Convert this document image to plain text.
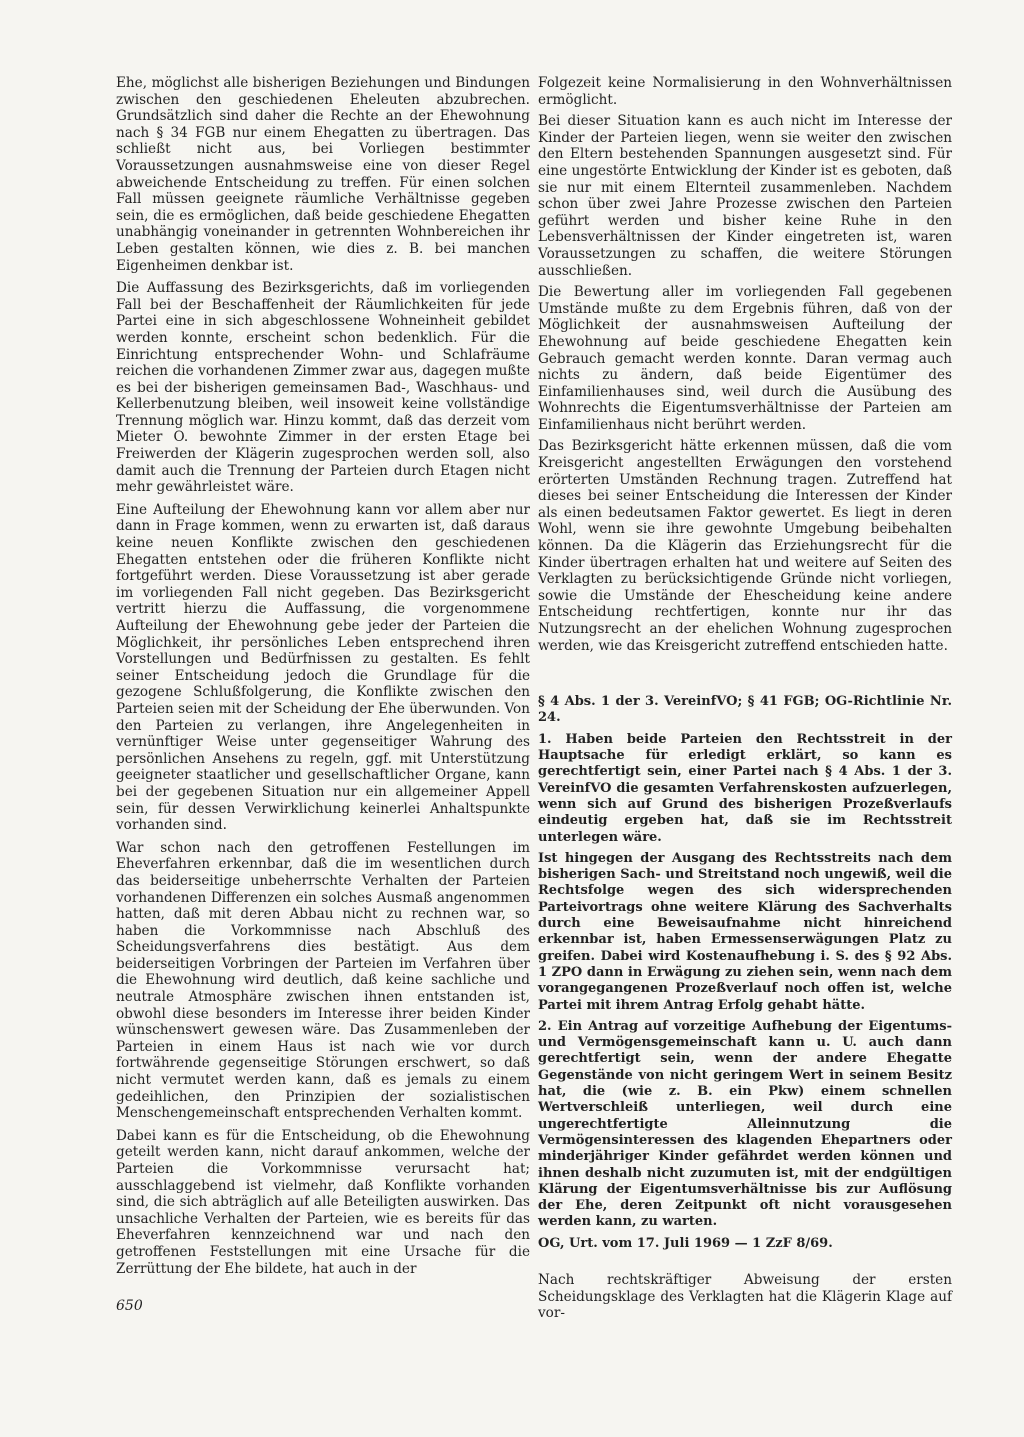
Ehe, möglichst alle bisherigen Beziehungen und Bindungen zwischen den geschiedenen Eheleuten abzubrechen. Grundsätzlich sind daher die Rechte an der Ehewohnung nach § 34 FGB nur einem Ehegatten zu übertragen. Das schließt nicht aus, bei Vorliegen bestimmter Voraussetzungen ausnahmsweise eine von dieser Regel abweichende Entscheidung zu treffen. Für einen solchen Fall müssen geeignete räumliche Verhältnisse gegeben sein, die es ermöglichen, daß beide geschiedene Ehegatten unabhängig voneinander in getrennten Wohnbereichen ihr Leben gestalten können, wie dies z. B. bei manchen Eigenheimen denkbar ist.

Die Auffassung des Bezirksgerichts, daß im vorliegenden Fall bei der Beschaffenheit der Räumlichkeiten für jede Partei eine in sich abgeschlossene Wohneinheit gebildet werden konnte, erscheint schon bedenklich. Für die Einrichtung entsprechender Wohn- und Schlafräume reichen die vorhandenen Zimmer zwar aus, dagegen mußte es bei der bisherigen gemeinsamen Bad-, Waschhaus- und Kellerbenutzung bleiben, weil insoweit keine vollständige Trennung möglich war. Hinzu kommt, daß das derzeit vom Mieter O. bewohnte Zimmer in der ersten Etage bei Freiwerden der Klägerin zugesprochen werden soll, also damit auch die Trennung der Parteien durch Etagen nicht mehr gewährleistet wäre.

Eine Aufteilung der Ehewohnung kann vor allem aber nur dann in Frage kommen, wenn zu erwarten ist, daß daraus keine neuen Konflikte zwischen den geschiedenen Ehegatten entstehen oder die früheren Konflikte nicht fortgeführt werden. Diese Voraussetzung ist aber gerade im vorliegenden Fall nicht gegeben. Das Bezirksgericht vertritt hierzu die Auffassung, die vorgenommene Aufteilung der Ehewohnung gebe jeder der Parteien die Möglichkeit, ihr persönliches Leben entsprechend ihren Vorstellungen und Bedürfnissen zu gestalten. Es fehlt seiner Entscheidung jedoch die Grundlage für die gezogene Schlußfolgerung, die Konflikte zwischen den Parteien seien mit der Scheidung der Ehe überwunden. Von den Parteien zu verlangen, ihre Angelegenheiten in vernünftiger Weise unter gegenseitiger Wahrung des persönlichen Ansehens zu regeln, ggf. mit Unterstützung geeigneter staatlicher und gesellschaftlicher Organe, kann bei der gegebenen Situation nur ein allgemeiner Appell sein, für dessen Verwirklichung keinerlei Anhaltspunkte vorhanden sind.

War schon nach den getroffenen Festellungen im Eheverfahren erkennbar, daß die im wesentlichen durch das beiderseitige unbeherrschte Verhalten der Parteien vorhandenen Differenzen ein solches Ausmaß angenommen hatten, daß mit deren Abbau nicht zu rechnen war, so haben die Vorkommnisse nach Abschluß des Scheidungsverfahrens dies bestätigt. Aus dem beiderseitigen Vorbringen der Parteien im Verfahren über die Ehewohnung wird deutlich, daß keine sachliche und neutrale Atmosphäre zwischen ihnen entstanden ist, obwohl diese besonders im Interesse ihrer beiden Kinder wünschenswert gewesen wäre. Das Zusammenleben der Parteien in einem Haus ist nach wie vor durch fortwährende gegenseitige Störungen erschwert, so daß nicht vermutet werden kann, daß es jemals zu einem gedeihlichen, den Prinzipien der sozialistischen Menschengemeinschaft entsprechenden Verhalten kommt.

Dabei kann es für die Entscheidung, ob die Ehewohnung geteilt werden kann, nicht darauf ankommen, welche der Parteien die Vorkommnisse verursacht hat; ausschlaggebend ist vielmehr, daß Konflikte vorhanden sind, die sich abträglich auf alle Beteiligten auswirken. Das unsachliche Verhalten der Parteien, wie es bereits für das Eheverfahren kennzeichnend war und nach den getroffenen Feststellungen mit eine Ursache für die Zerrüttung der Ehe bildete, hat auch in der

Folgezeit keine Normalisierung in den Wohnverhältnissen ermöglicht.

Bei dieser Situation kann es auch nicht im Interesse der Kinder der Parteien liegen, wenn sie weiter den zwischen den Eltern bestehenden Spannungen ausgesetzt sind. Für eine ungestörte Entwicklung der Kinder ist es geboten, daß sie nur mit einem Elternteil zusammenleben. Nachdem schon über zwei Jahre Prozesse zwischen den Parteien geführt werden und bisher keine Ruhe in den Lebensverhältnissen der Kinder eingetreten ist, waren Voraussetzungen zu schaffen, die weitere Störungen ausschließen.

Die Bewertung aller im vorliegenden Fall gegebenen Umstände mußte zu dem Ergebnis führen, daß von der Möglichkeit der ausnahmsweisen Aufteilung der Ehewohnung auf beide geschiedene Ehegatten kein Gebrauch gemacht werden konnte. Daran vermag auch nichts zu ändern, daß beide Eigentümer des Einfamilienhauses sind, weil durch die Ausübung des Wohnrechts die Eigentumsverhältnisse der Parteien am Einfamilienhaus nicht berührt werden.

Das Bezirksgericht hätte erkennen müssen, daß die vom Kreisgericht angestellten Erwägungen den vorstehend erörterten Umständen Rechnung tragen. Zutreffend hat dieses bei seiner Entscheidung die Interessen der Kinder als einen bedeutsamen Faktor gewertet. Es liegt in deren Wohl, wenn sie ihre gewohnte Umgebung beibehalten können. Da die Klägerin das Erziehungsrecht für die Kinder übertragen erhalten hat und weitere auf Seiten des Verklagten zu berücksichtigende Gründe nicht vorliegen, sowie die Umstände der Ehescheidung keine andere Entscheidung rechtfertigen, konnte nur ihr das Nutzungsrecht an der ehelichen Wohnung zugesprochen werden, wie das Kreisgericht zutreffend entschieden hatte.

§ 4 Abs. 1 der 3. VereinfVO; § 41 FGB; OG-Richtlinie Nr. 24.

1. Haben beide Parteien den Rechtsstreit in der Hauptsache für erledigt erklärt, so kann es gerechtfertigt sein, einer Partei nach § 4 Abs. 1 der 3. VereinfVO die gesamten Verfahrenskosten aufzuerlegen, wenn sich auf Grund des bisherigen Prozeßverlaufs eindeutig ergeben hat, daß sie im Rechtsstreit unterlegen wäre.

Ist hingegen der Ausgang des Rechtsstreits nach dem bisherigen Sach- und Streitstand noch ungewiß, weil die Rechtsfolge wegen des sich widersprechenden Parteivortrags ohne weitere Klärung des Sachverhalts durch eine Beweisaufnahme nicht hinreichend erkennbar ist, haben Ermessenserwägungen Platz zu greifen. Dabei wird Kostenaufhebung i. S. des § 92 Abs. 1 ZPO dann in Erwägung zu ziehen sein, wenn nach dem vorangegangenen Prozeßverlauf noch offen ist, welche Partei mit ihrem Antrag Erfolg gehabt hätte.

2. Ein Antrag auf vorzeitige Aufhebung der Eigentums- und Vermögensgemeinschaft kann u. U. auch dann gerechtfertigt sein, wenn der andere Ehegatte Gegenstände von nicht geringem Wert in seinem Besitz hat, die (wie z. B. ein Pkw) einem schnellen Wertverschleiß unterliegen, weil durch eine ungerechtfertigte Alleinnutzung die Vermögensinteressen des klagenden Ehepartners oder minderjähriger Kinder gefährdet werden können und ihnen deshalb nicht zuzumuten ist, mit der endgültigen Klärung der Eigentumsverhältnisse bis zur Auflösung der Ehe, deren Zeitpunkt oft nicht vorausgesehen werden kann, zu warten.

OG, Urt. vom 17. Juli 1969 — 1 ZzF 8/69.

Nach rechtskräftiger Abweisung der ersten Scheidungsklage des Verklagten hat die Klägerin Klage auf vor-

650
